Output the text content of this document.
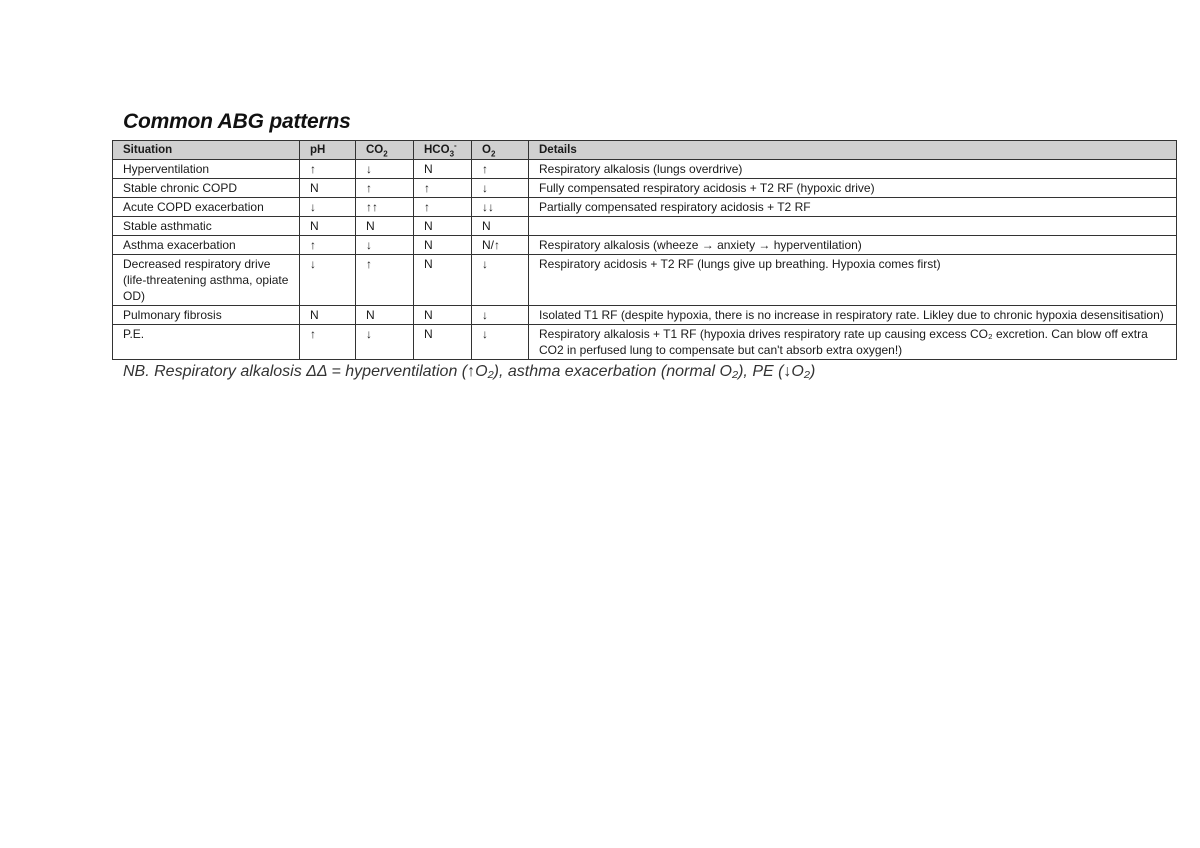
Common ABG patterns
Situation	pH	$CO_2$	$HCO_3^-$	$O_2$	Details
Hyperventilation	↑	↓	N	↑	Respiratory alkalosis (lungs overdrive)
Stable chronic COPD	N	↑	↑	↓	Fully compensated respiratory acidosis + T2 RF (hypoxic drive)
Acute COPD exacerbation	↓	↑↑	↑	↓↓	Partially compensated respiratory acidosis + T2 RF
Stable asthmatic	N	N	N	N	
Asthma exacerbation	↑	↓	N	N/↑	Respiratory alkalosis (wheeze → anxiety → hyperventilation)
Decreased respiratory drive (life-threatening asthma, opiate OD)	↓	↑	N	↓	Respiratory acidosis + T2 RF (lungs give up breathing. Hypoxia comes first)
Pulmonary fibrosis	N	N	N	↓	Isolated T1 RF (despite hypoxia, there is no increase in respiratory rate. Likley due to chronic hypoxia desensitisation)
P.E.	↑	↓	N	↓	Respiratory alkalosis + T1 RF (hypoxia drives respiratory rate up causing excess CO₂ excretion. Can blow off extra CO2 in perfused lung to compensate but can't absorb extra oxygen!)
NB. Respiratory alkalosis ΔΔ = hyperventilation (↑O₂), asthma exacerbation (normal O₂), PE (↓O₂)
